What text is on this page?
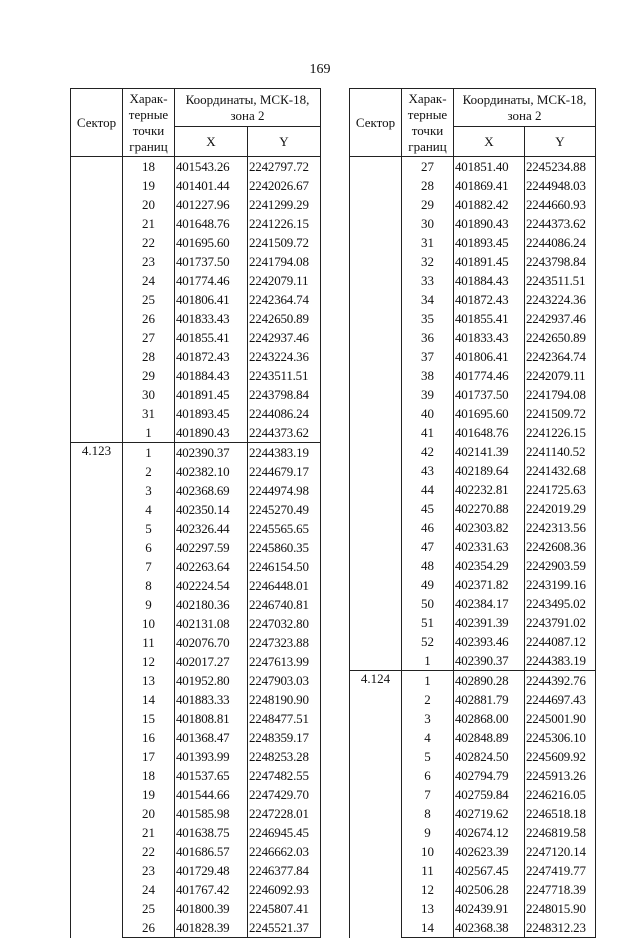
169
Сектор	Харак-терные точки границ	Координаты, МСК-18, зона 2	
		X	Y
	18	401543.26	2242797.72
	19	401401.44	2242026.67
	20	401227.96	2241299.29
	21	401648.76	2241226.15
	22	401695.60	2241509.72
	23	401737.50	2241794.08
	24	401774.46	2242079.11
	25	401806.41	2242364.74
	26	401833.43	2242650.89
	27	401855.41	2242937.46
	28	401872.43	2243224.36
	29	401884.43	2243511.51
	30	401891.45	2243798.84
	31	401893.45	2244086.24
	1	401890.43	2244373.62
4.123	1	402390.37	2244383.19
	2	402382.10	2244679.17
	3	402368.69	2244974.98
	4	402350.14	2245270.49
	5	402326.44	2245565.65
	6	402297.59	2245860.35
	7	402263.64	2246154.50
	8	402224.54	2246448.01
	9	402180.36	2246740.81
	10	402131.08	2247032.80
	11	402076.70	2247323.88
	12	402017.27	2247613.99
	13	401952.80	2247903.03
	14	401883.33	2248190.90
	15	401808.81	2248477.51
	16	401368.47	2248359.17
	17	401393.99	2248253.28
	18	401537.65	2247482.55
	19	401544.66	2247429.70
	20	401585.98	2247228.01
	21	401638.75	2246945.45
	22	401686.57	2246662.03
	23	401729.48	2246377.84
	24	401767.42	2246092.93
	25	401800.39	2245807.41
	26	401828.39	2245521.37
Сектор	Харак-терные точки границ	Координаты, МСК-18, зона 2	
		X	Y
	27	401851.40	2245234.88
	28	401869.41	2244948.03
	29	401882.42	2244660.93
	30	401890.43	2244373.62
	31	401893.45	2244086.24
	32	401891.45	2243798.84
	33	401884.43	2243511.51
	34	401872.43	2243224.36
	35	401855.41	2242937.46
	36	401833.43	2242650.89
	37	401806.41	2242364.74
	38	401774.46	2242079.11
	39	401737.50	2241794.08
	40	401695.60	2241509.72
	41	401648.76	2241226.15
	42	402141.39	2241140.52
	43	402189.64	2241432.68
	44	402232.81	2241725.63
	45	402270.88	2242019.29
	46	402303.82	2242313.56
	47	402331.63	2242608.36
	48	402354.29	2242903.59
	49	402371.82	2243199.16
	50	402384.17	2243495.02
	51	402391.39	2243791.02
	52	402393.46	2244087.12
	1	402390.37	2244383.19
4.124	1	402890.28	2244392.76
	2	402881.79	2244697.43
	3	402868.00	2245001.90
	4	402848.89	2245306.10
	5	402824.50	2245609.92
	6	402794.79	2245913.26
	7	402759.84	2246216.05
	8	402719.62	2246518.18
	9	402674.12	2246819.58
	10	402623.39	2247120.14
	11	402567.45	2247419.77
	12	402506.28	2247718.39
	13	402439.91	2248015.90
	14	402368.38	2248312.23
